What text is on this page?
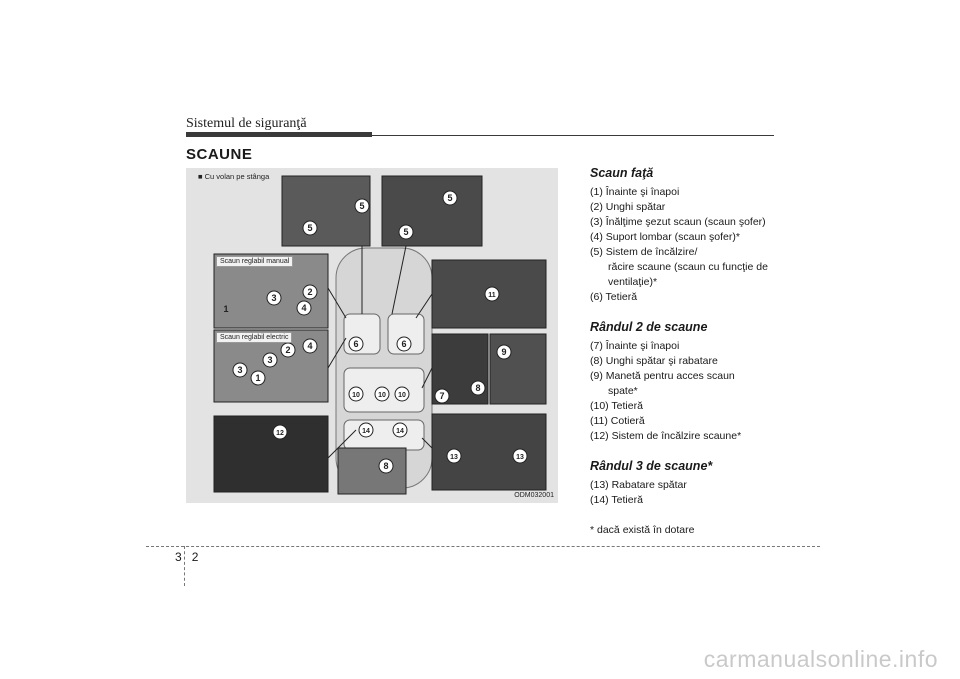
Sistemul de siguranţă
SCAUNE
5
5
5
5
2
3
4
1
2 4
3
3
1
6	6
10	10 10
14	14
11
9
8
7
12
8
13	13
■ Cu volan pe stânga
Scaun reglabil manual
Scaun reglabil electric
ODM032001
Scaun faţă
(1) Înainte şi înapoi
(2) Unghi spătar
(3) Înălţime şezut scaun (scaun şofer)
(4) Suport lombar (scaun şofer)*
(5) Sistem de încălzire/
răcire scaune (scaun cu funcţie de ventilaţie)*
(6) Tetieră
Rândul 2 de scaune
(7) Înainte şi înapoi
(8) Unghi spătar şi rabatare
(9) Manetă pentru acces scaun
spate*
(10) Tetieră
(11) Cotieră
(12) Sistem de încălzire scaune*
Rândul 3 de scaune*
(13) Rabatare spătar
(14) Tetieră
* dacă există în dotare
3 2
carmanualsonline.info
